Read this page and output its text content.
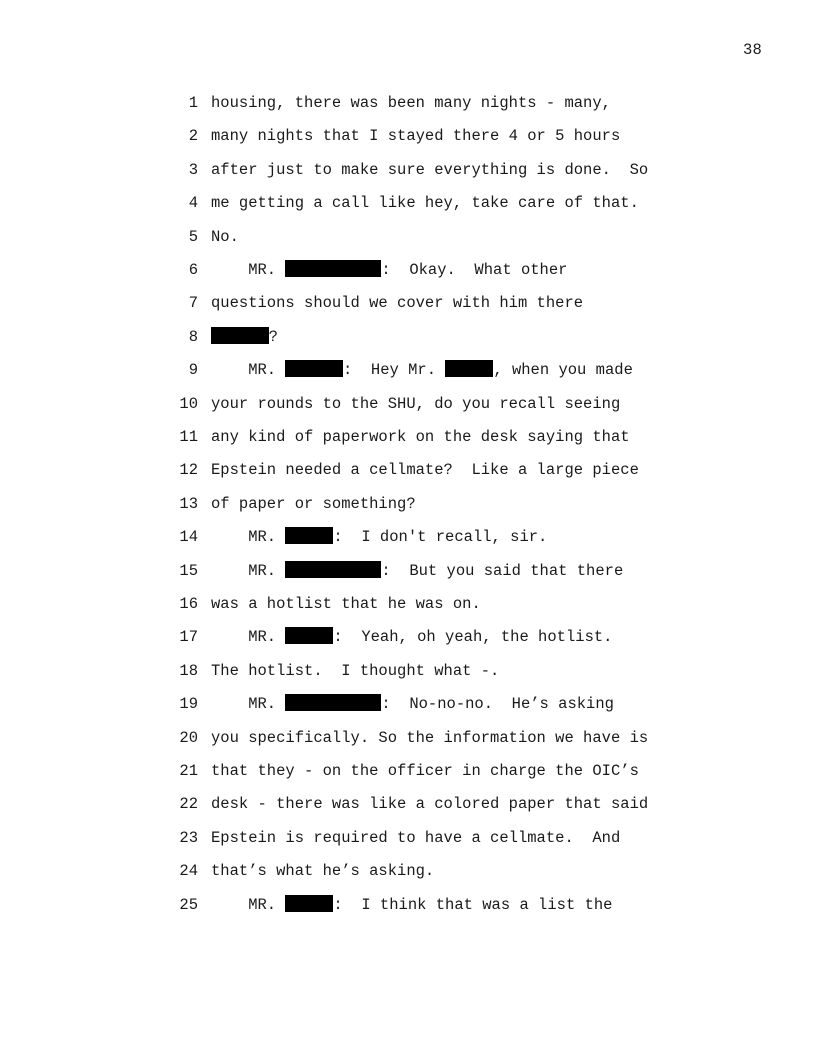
38
1 housing, there was been many nights - many,
2 many nights that I stayed there 4 or 5 hours
3 after just to make sure everything is done.  So
4 me getting a call like hey, take care of that.
5 No.
6 MR.	:  Okay.  What other
7 questions should we cover with him there
8	?
9 MR.	:  Hey Mr.	, when you made
10 your rounds to the SHU, do you recall seeing
11 any kind of paperwork on the desk saying that
12 Epstein needed a cellmate?  Like a large piece
13 of paper or something?
14 MR.	:  I don't recall, sir.
15 MR.	:  But you said that there
16 was a hotlist that he was on.
17 MR.	:  Yeah, oh yeah, the hotlist.
18 The hotlist.  I thought what -.
19 MR.	:  No-no-no.  He’s asking
20 you specifically. So the information we have is
21 that they - on the officer in charge the OIC’s
22 desk - there was like a colored paper that said
23 Epstein is required to have a cellmate.  And
24 that’s what he’s asking.
25 MR.	:  I think that was a list the
